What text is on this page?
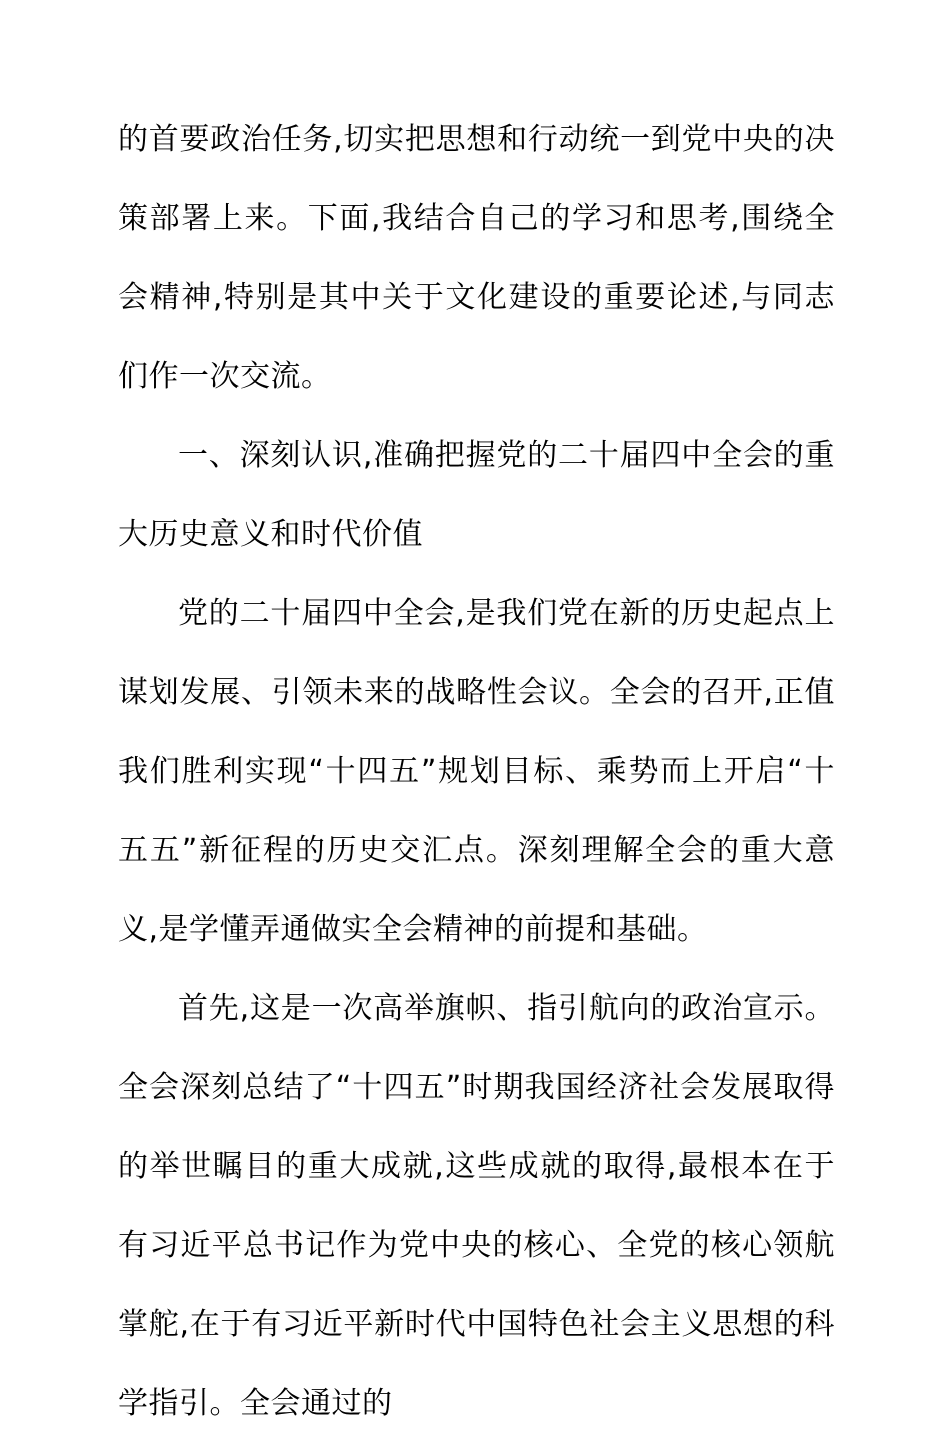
的首要政治任务,切实把思想和行动统一到党中央的决策部署上来。下面,我结合自己的学习和思考,围绕全会精神,特别是其中关于文化建设的重要论述,与同志们作一次交流。

一、深刻认识,准确把握党的二十届四中全会的重大历史意义和时代价值

党的二十届四中全会,是我们党在新的历史起点上谋划发展、引领未来的战略性会议。全会的召开,正值我们胜利实现“十四五”规划目标、乘势而上开启“十五五”新征程的历史交汇点。深刻理解全会的重大意义,是学懂弄通做实全会精神的前提和基础。

首先,这是一次高举旗帜、指引航向的政治宣示。全会深刻总结了“十四五”时期我国经济社会发展取得的举世瞩目的重大成就,这些成就的取得,最根本在于有习近平总书记作为党中央的核心、全党的核心领航掌舵,在于有习近平新时代中国特色社会主义思想的科学指引。全会通过的
